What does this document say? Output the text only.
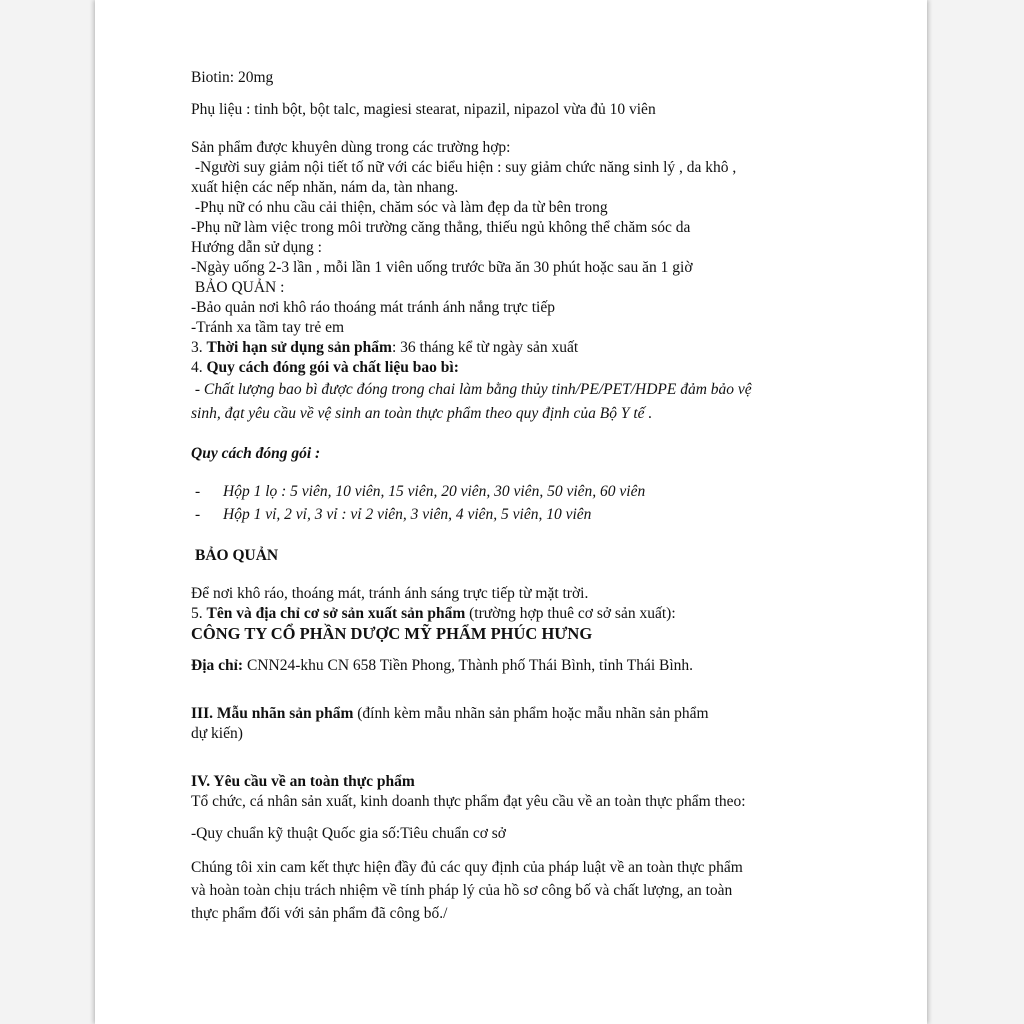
Biotin: 20mg

Phụ liệu : tinh bột, bột talc, magiesi stearat, nipazil, nipazol vừa đủ 10 viên

Sản phẩm được khuyên dùng trong các trường hợp:

-Người suy giảm nội tiết tố nữ với các biểu hiện : suy giảm chức năng sinh lý , da khô ,

xuất hiện các nếp nhăn, nám da, tàn nhang.

-Phụ nữ có nhu cầu cải thiện, chăm sóc và làm đẹp da từ bên trong

-Phụ nữ làm việc trong môi trường căng thẳng, thiếu ngủ không thể chăm sóc da

Hướng dẫn sử dụng :

-Ngày uống 2-3 lần , mỗi lần 1 viên uống trước bữa ăn 30 phút hoặc sau ăn 1 giờ

BẢO QUẢN :

-Bảo quản nơi khô ráo thoáng mát tránh ánh nắng trực tiếp

-Tránh xa tầm tay trẻ em

3. Thời hạn sử dụng sản phẩm: 36 tháng kể từ ngày sản xuất

4. Quy cách đóng gói và chất liệu bao bì:

- Chất lượng bao bì được đóng trong chai làm bằng thủy tinh/PE/PET/HDPE đảm bảo vệ

sinh, đạt yêu cầu về vệ sinh an toàn thực phẩm theo quy định của Bộ Y tế .

Quy cách đóng gói :

-	Hộp 1 lọ : 5 viên, 10 viên, 15 viên, 20 viên, 30 viên, 50 viên, 60 viên
-	Hộp 1 vỉ, 2 vỉ, 3 vỉ : vỉ 2 viên, 3 viên, 4 viên, 5 viên, 10 viên

BẢO QUẢN

Để nơi khô ráo, thoáng mát, tránh ánh sáng trực tiếp từ mặt trời.

5. Tên và địa chỉ cơ sở sản xuất sản phẩm (trường hợp thuê cơ sở sản xuất):

CÔNG TY CỔ PHẦN DƯỢC MỸ PHẨM PHÚC HƯNG

Địa chỉ: CNN24-khu CN 658 Tiền Phong, Thành phố Thái Bình, tỉnh Thái Bình.

III. Mẫu nhãn sản phẩm (đính kèm mẫu nhãn sản phẩm hoặc mẫu nhãn sản phẩm

dự kiến)

IV. Yêu cầu về an toàn thực phẩm

Tổ chức, cá nhân sản xuất, kinh doanh thực phẩm đạt yêu cầu về an toàn thực phẩm theo:

-Quy chuẩn kỹ thuật Quốc gia số:Tiêu chuẩn cơ sở

Chúng tôi xin cam kết thực hiện đầy đủ các quy định của pháp luật về an toàn thực phẩm

và hoàn toàn chịu trách nhiệm về tính pháp lý của hồ sơ công bố và chất lượng, an toàn

thực phẩm đối với sản phẩm đã công bố./
